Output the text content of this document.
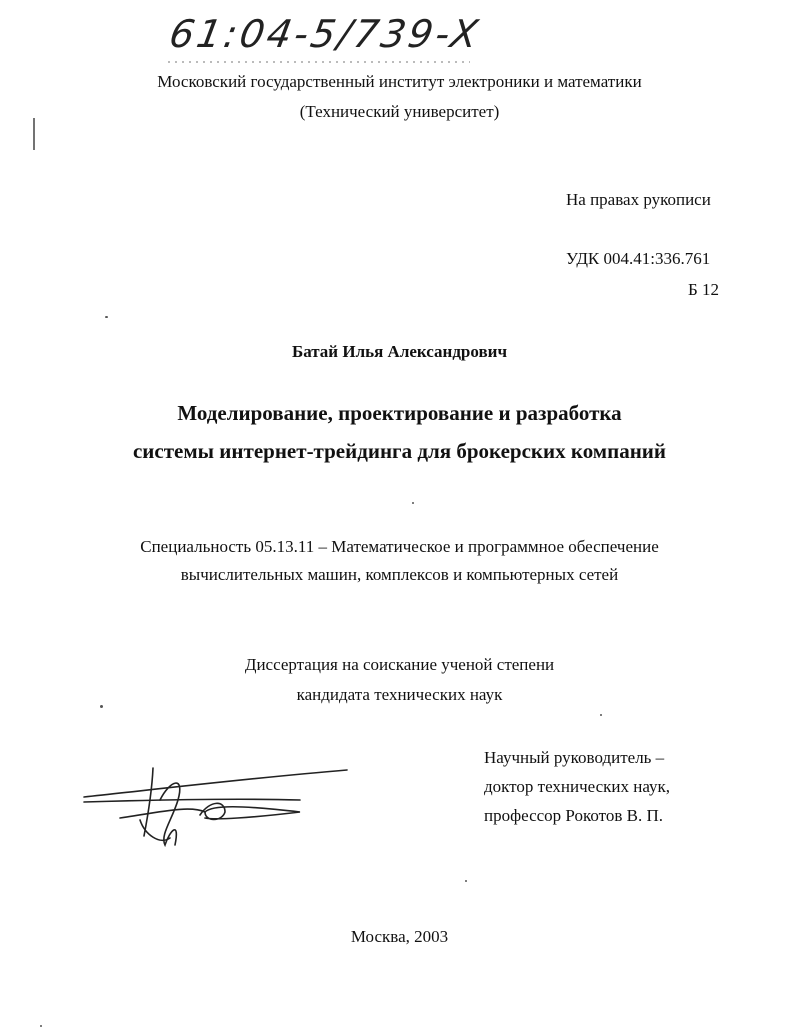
61:04-5/739-X
Московский государственный институт электроники и математики
(Технический университет)
На правах рукописи
УДК 004.41:336.761
Б 12
Батай Илья Александрович
Моделирование, проектирование и разработка
системы интернет-трейдинга для брокерских компаний
Специальность 05.13.11 – Математическое и программное обеспечение
вычислительных машин, комплексов и компьютерных сетей
Диссертация на соискание ученой степени
кандидата технических наук
Научный руководитель –
доктор технических наук,
профессор Рокотов В. П.
Москва, 2003
